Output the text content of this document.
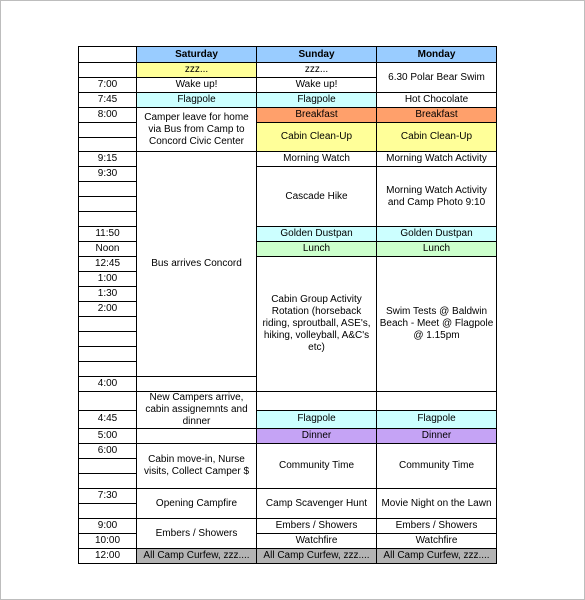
	Saturday	Sunday	Monday
	zzz...	zzz...	6.30 Polar Bear Swim
7:00	Wake up!	Wake up!	
7:45	Flagpole	Flagpole	Hot Chocolate
8:00	Camper leave for home via Bus from Camp to Concord Civic Center	Breakfast	Breakfast
		Cabin Clean-Up	Cabin Clean-Up

9:15	Bus arrives Concord	Morning Watch	Morning Watch Activity
9:30		Cascade Hike	Morning Watch Activity and Camp Photo 9:10

11:50		Golden Dustpan	Golden Dustpan
Noon		Lunch	Lunch
12:45		Cabin Group Activity Rotation (horseback riding, sproutball, ASE's, hiking, volleyball, A&C's etc)	Swim Tests @ Baldwin Beach - Meet @ Flagpole @ 1.15pm
1:00			
1:30			
2:00			

4:00			
	New Campers arrive, cabin assignemnts and dinner		
4:45		Flagpole	Flagpole
5:00		Dinner	Dinner
6:00	Cabin move-in, Nurse visits, Collect Camper $	Community Time	Community Time

7:30	Opening Campfire	Camp Scavenger Hunt	Movie Night on the Lawn

9:00	Embers / Showers	Embers / Showers	Embers / Showers
10:00		Watchfire	Watchfire
12:00	All Camp Curfew, zzz....	All Camp Curfew, zzz....	All Camp Curfew, zzz....
